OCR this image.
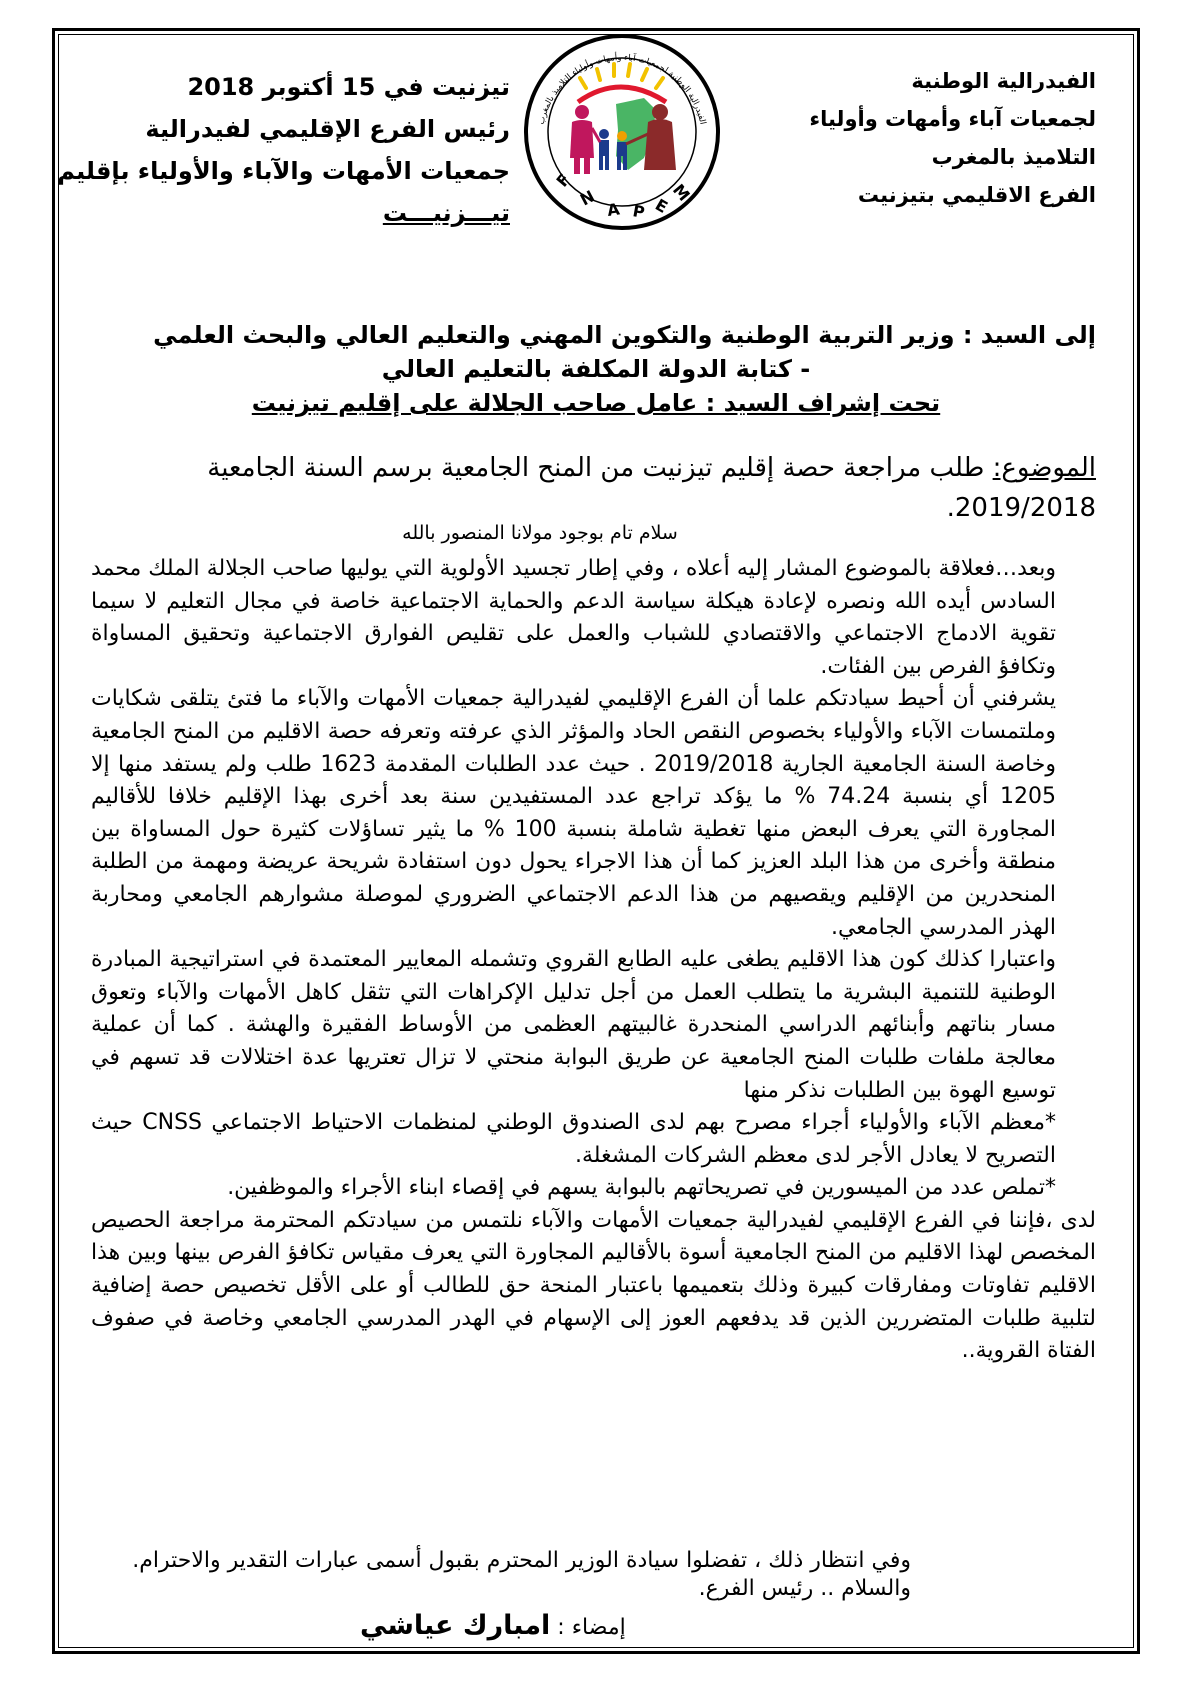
الفيدرالية الوطنية
لجمعيات آباء وأمهات وأولياء
التلاميذ بالمغرب
الفرع الاقليمي بتيزنيت
الفيدرالية الوطنية لجمعيات آباء وأمهات وأولياء التلاميذ بالمغرب
F
N
A P E
M
تيزنيت في 15 أكتوبر 2018
رئيس الفرع الإقليمي لفيدرالية
جمعيات الأمهات والآباء والأولياء بإقليم
تيـــزنيـــت
إلى السيد : وزير التربية الوطنية والتكوين المهني والتعليم العالي والبحث العلمي
- كتابة الدولة المكلفة بالتعليم العالي
تحت إشراف السيد : عامل صاحب الجلالة على إقليم تيزنيت
الموضوع: طلب مراجعة حصة إقليم تيزنيت من المنح الجامعية برسم السنة الجامعية 2019/2018.
سلام تام بوجود مولانا المنصور بالله

وبعد…فعلاقة بالموضوع المشار إليه أعلاه ، وفي إطار تجسيد الأولوية التي يوليها صاحب الجلالة الملك محمد السادس أيده الله ونصره لإعادة هيكلة سياسة الدعم والحماية الاجتماعية خاصة في مجال التعليم لا سيما تقوية الادماج الاجتماعي والاقتصادي للشباب والعمل على تقليص الفوارق الاجتماعية وتحقيق المساواة وتكافؤ الفرص بين الفئات.

يشرفني أن أحيط سيادتكم علما أن الفرع الإقليمي لفيدرالية جمعيات الأمهات والآباء ما فتئ يتلقى شكايات وملتمسات الآباء والأولياء بخصوص النقص الحاد والمؤثر الذي عرفته وتعرفه حصة الاقليم من المنح الجامعية وخاصة السنة الجامعية الجارية 2019/2018 . حيث عدد الطلبات المقدمة 1623 طلب ولم يستفد منها إلا 1205 أي بنسبة 74.24 % ما يؤكد تراجع عدد المستفيدين سنة بعد أخرى بهذا الإقليم خلافا للأقاليم المجاورة التي يعرف البعض منها تغطية شاملة بنسبة 100 % ما يثير تساؤلات كثيرة حول المساواة بين منطقة وأخرى من هذا البلد العزيز كما أن هذا الاجراء يحول دون استفادة شريحة عريضة ومهمة من الطلبة المنحدرين من الإقليم ويقصيهم من هذا الدعم الاجتماعي الضروري لموصلة مشوارهم الجامعي ومحاربة الهذر المدرسي الجامعي.

واعتبارا كذلك كون هذا الاقليم يطغى عليه الطابع القروي وتشمله المعايير المعتمدة في استراتيجية المبادرة الوطنية للتنمية البشرية ما يتطلب العمل من أجل تدليل الإكراهات التي تثقل كاهل الأمهات والآباء وتعوق مسار بناتهم وأبنائهم الدراسي المنحدرة غالبيتهم العظمى من الأوساط الفقيرة والهشة . كما أن عملية معالجة ملفات طلبات المنح الجامعية عن طريق البوابة منحتي لا تزال تعتريها عدة اختلالات قد تسهم في توسيع الهوة بين الطلبات نذكر منها

*معظم الآباء والأولياء أجراء مصرح بهم لدى الصندوق الوطني لمنظمات الاحتياط الاجتماعي CNSS حيث التصريح لا يعادل الأجر لدى معظم الشركات المشغلة.

*تملص عدد من الميسورين في تصريحاتهم بالبوابة يسهم في إقصاء ابناء الأجراء والموظفين.

لدى ،فإننا في الفرع الإقليمي لفيدرالية جمعيات الأمهات والآباء نلتمس من سيادتكم المحترمة مراجعة الحصيص المخصص لهذا الاقليم من المنح الجامعية أسوة بالأقاليم المجاورة التي يعرف مقياس تكافؤ الفرص بينها وبين هذا الاقليم تفاوتات ومفارقات كبيرة وذلك بتعميمها باعتبار المنحة حق للطالب أو على الأقل تخصيص حصة إضافية لتلبية طلبات المتضررين الذين قد يدفعهم العوز إلى الإسهام في الهدر المدرسي الجامعي وخاصة في صفوف الفتاة القروية..

وفي انتظار ذلك ، تفضلوا سيادة الوزير المحترم بقبول أسمى عبارات التقدير والاحترام.
والسلام .. رئيس الفرع.
إمضاء : امبارك عياشي
